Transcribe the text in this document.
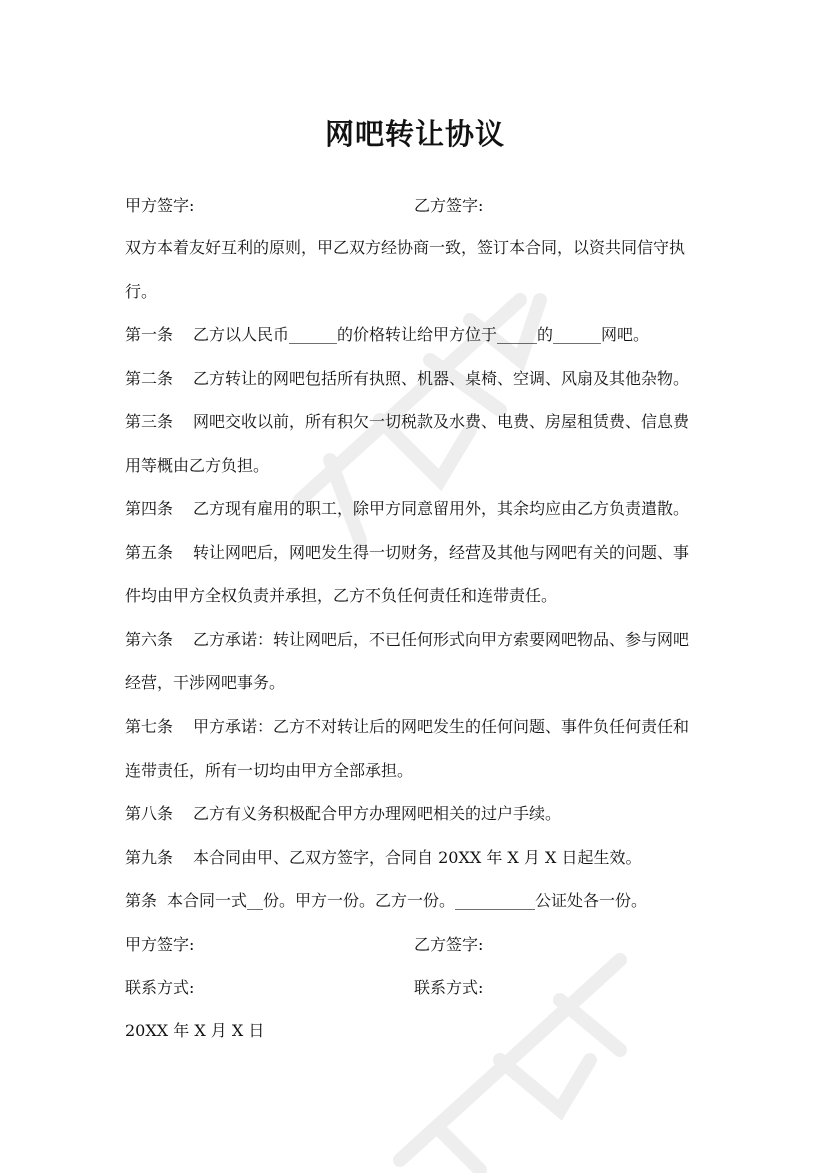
网吧转让协议
甲方签字:	乙方签字:
双方本着友好互利的原则，甲乙双方经协商一致，签订本合同，以资共同信守执
行。
第一条 乙方以人民币______的价格转让给甲方位于_____的______网吧。
第二条 乙方转让的网吧包括所有执照、机器、桌椅、空调、风扇及其他杂物。
第三条 网吧交收以前，所有积欠一切税款及水费、电费、房屋租赁费、信息费
用等概由乙方负担。
第四条 乙方现有雇用的职工，除甲方同意留用外，其余均应由乙方负责遣散。
第五条 转让网吧后，网吧发生得一切财务，经营及其他与网吧有关的问题、事
件均由甲方全权负责并承担，乙方不负任何责任和连带责任。
第六条 乙方承诺：转让网吧后，不已任何形式向甲方索要网吧物品、参与网吧
经营，干涉网吧事务。
第七条 甲方承诺：乙方不对转让后的网吧发生的任何问题、事件负任何责任和
连带责任，所有一切均由甲方全部承担。
第八条 乙方有义务积极配合甲方办理网吧相关的过户手续。
第九条 本合同由甲、乙双方签字，合同自 20XX 年 X 月 X 日起生效。
第条 本合同一式__份。甲方一份。乙方一份。__________公证处各一份。
甲方签字:	乙方签字:
联系方式:	联系方式:
20XX 年 X 月 X 日
